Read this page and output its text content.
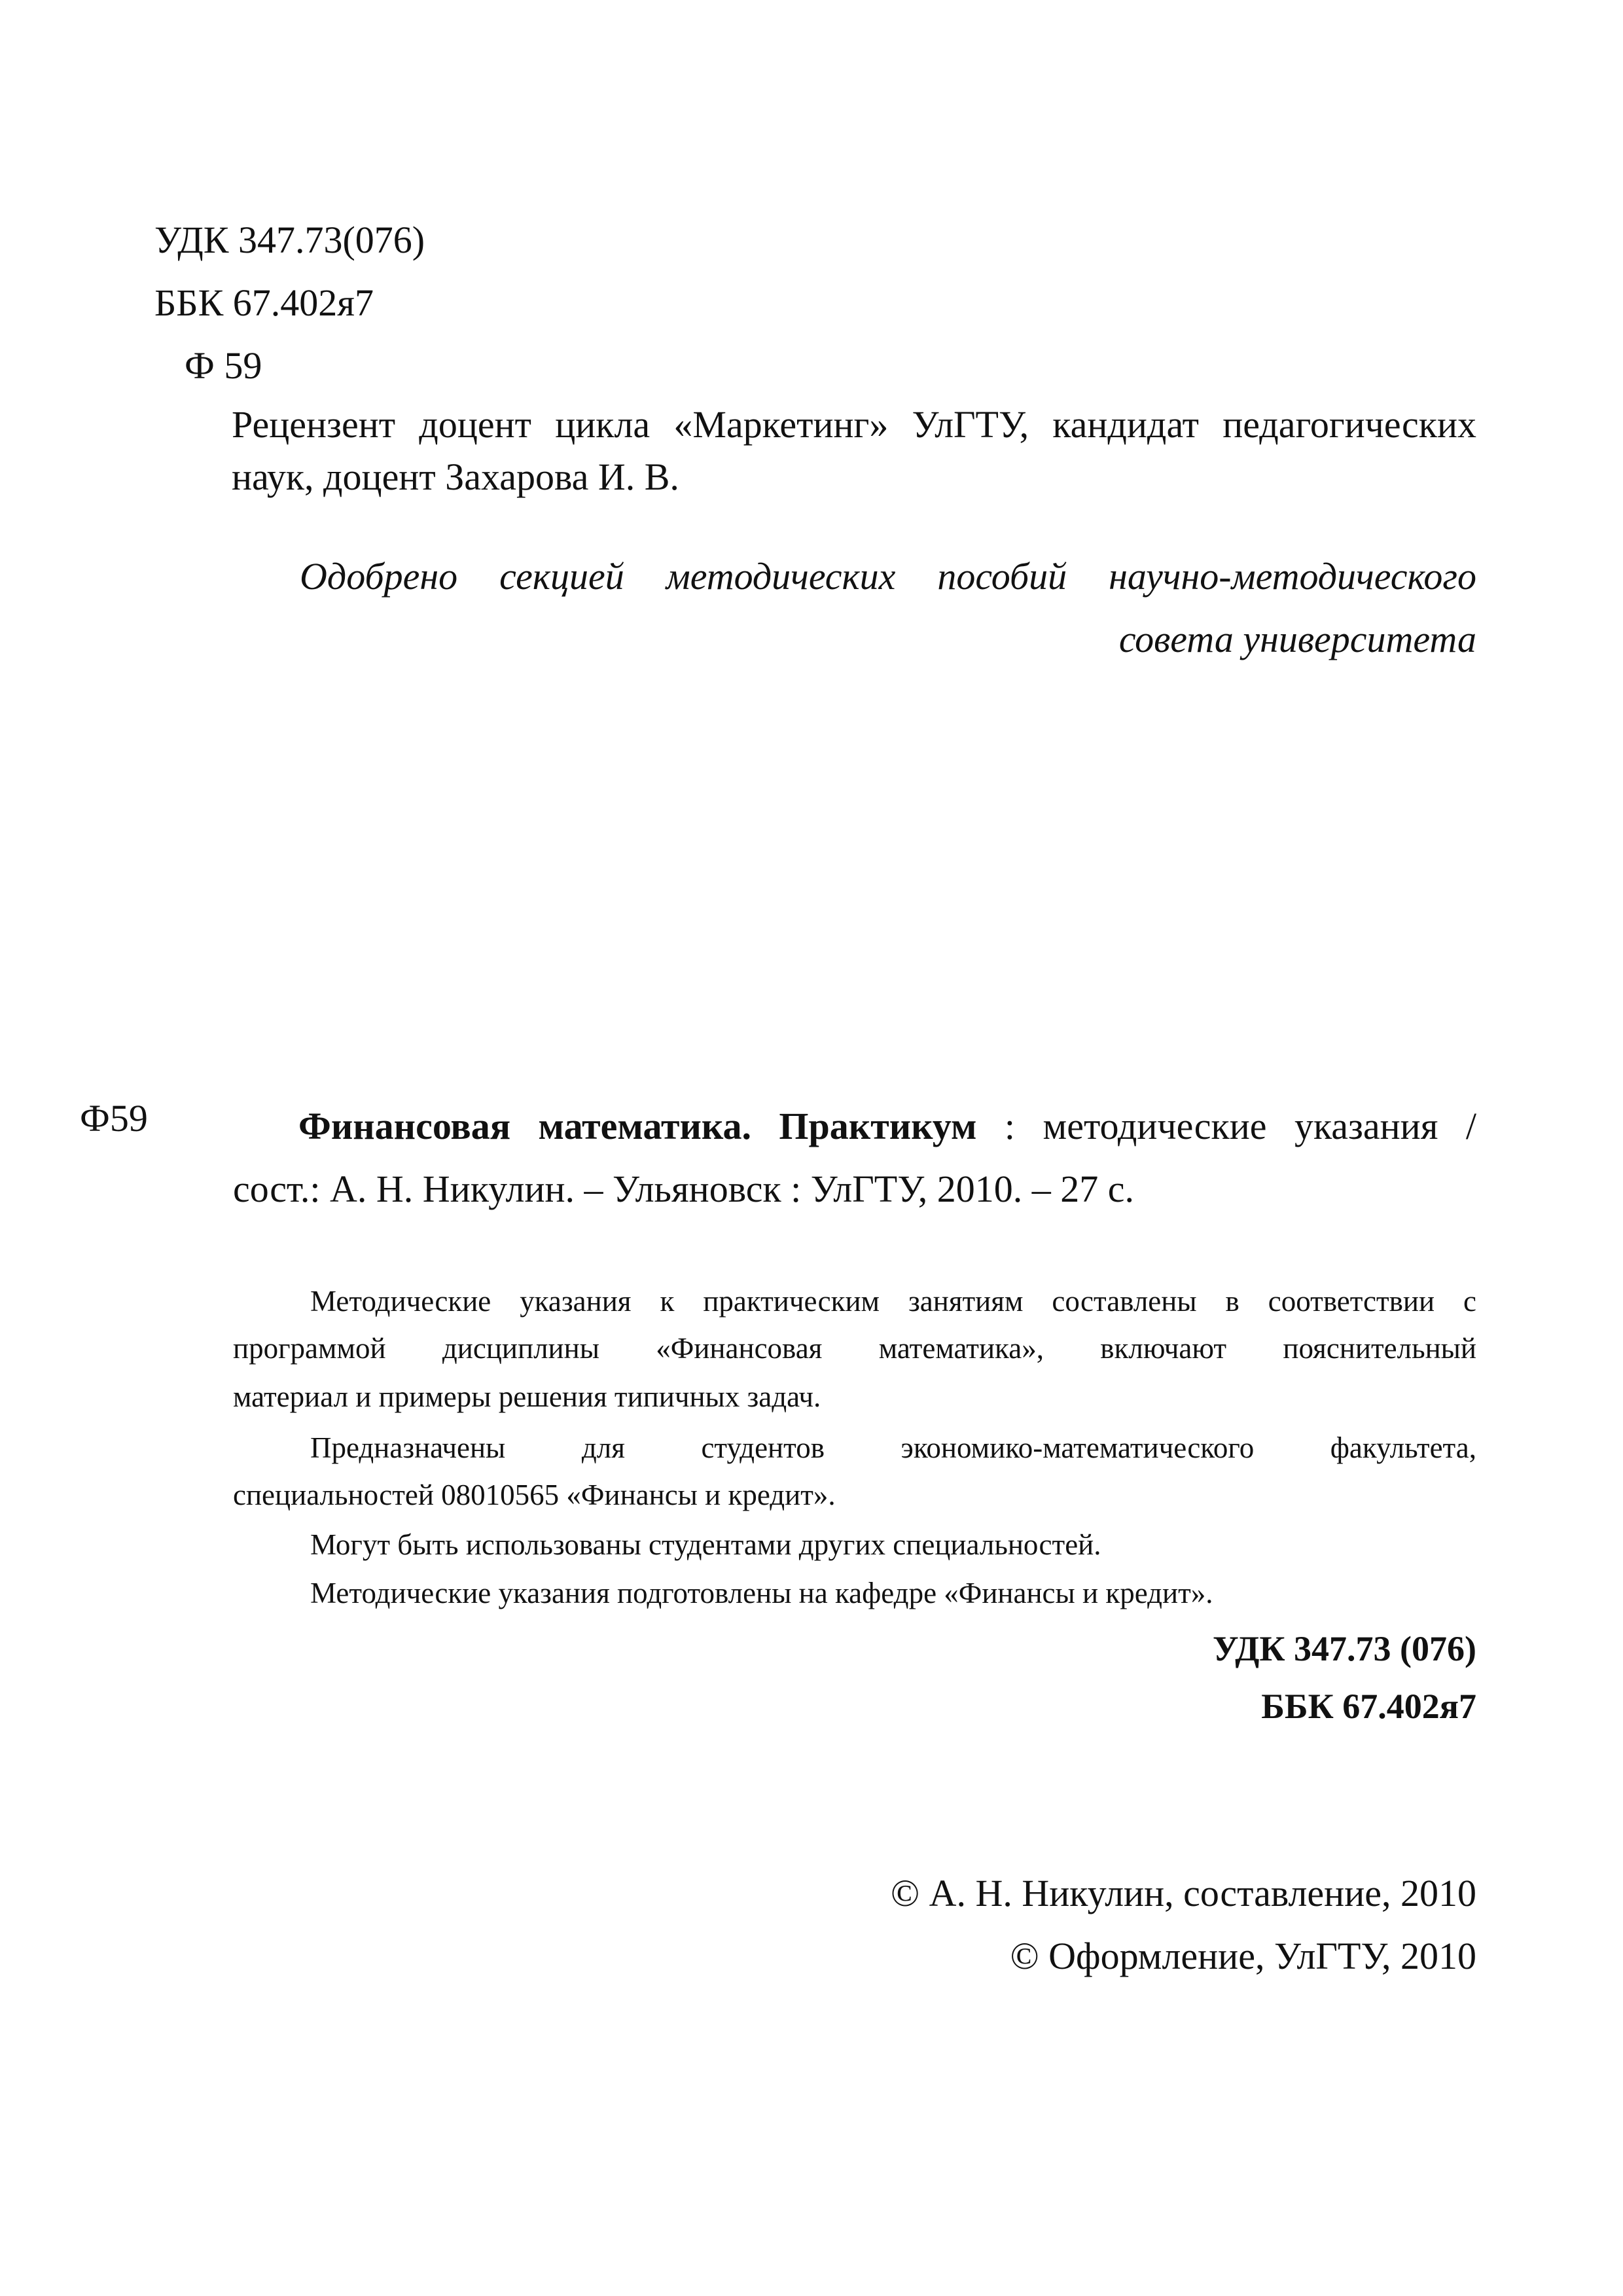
УДК 347.73(076)
ББК 67.402я7
Ф 59
Рецензент доцент цикла «Маркетинг» УлГТУ, кандидат педагогических
наук, доцент Захарова И. В.
Одобрено секцией методических пособий научно-методического
совета университета
Ф59	Финансовая математика. Практикум : методические указания /
сост.: А. Н. Никулин. – Ульяновск : УлГТУ, 2010. – 27 с.
Методические указания к практическим занятиям составлены в соответствии с
программой дисциплины «Финансовая математика», включают пояснительный
материал и примеры решения типичных задач.
Предназначены для студентов экономико-математического факультета,
специальностей 08010565 «Финансы и кредит».
Могут быть использованы студентами других специальностей.
Методические указания подготовлены на кафедре «Финансы и кредит».
УДК 347.73 (076)
ББК 67.402я7
© А. Н. Никулин, составление, 2010
© Оформление, УлГТУ, 2010
